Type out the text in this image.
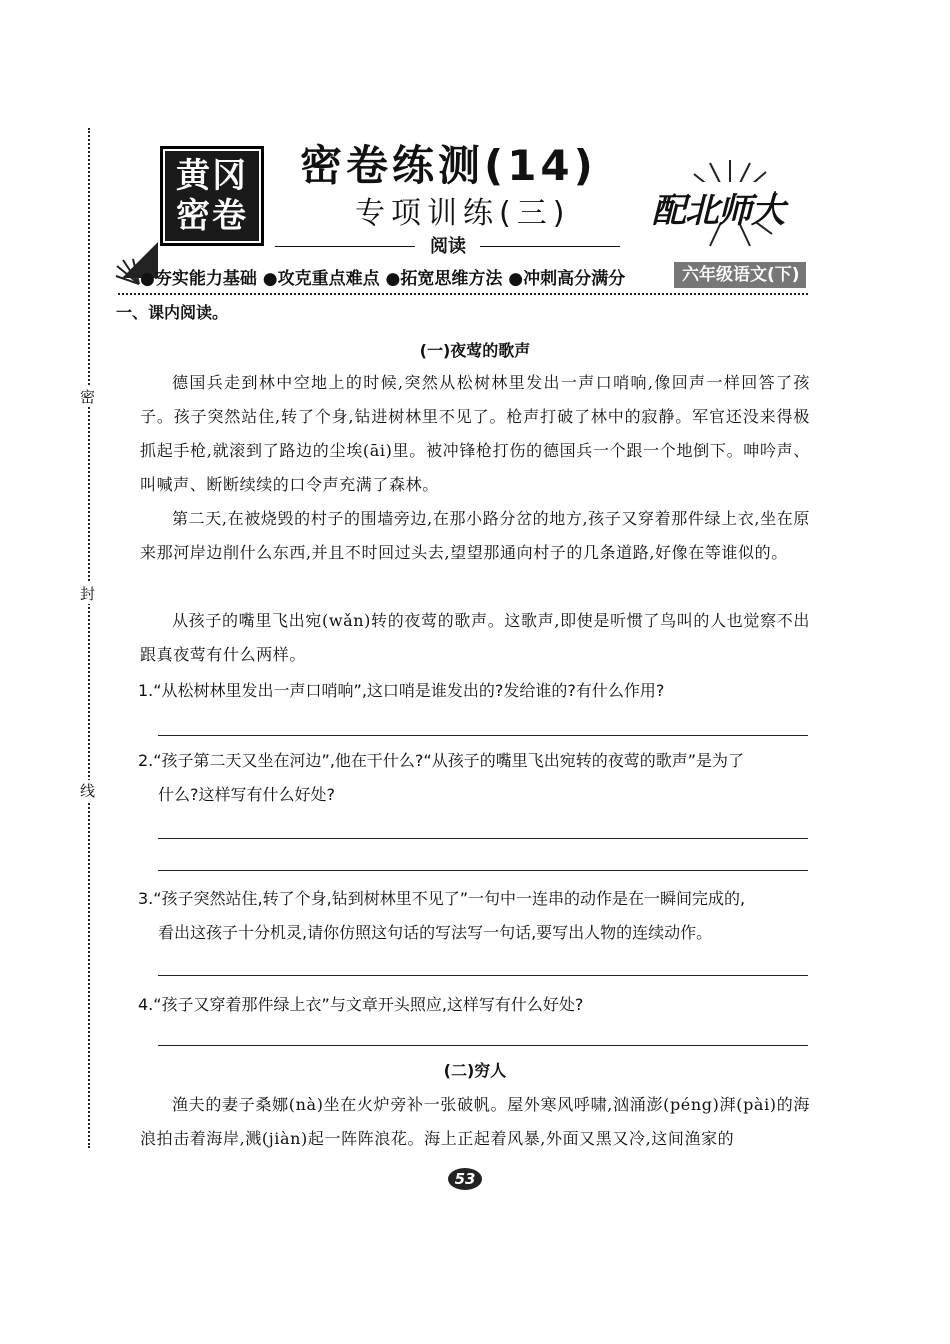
密
封
线
黄冈
密卷
密卷练测(14)
专项训练(三)
阅读
配北师大
●夯实能力基础 ●攻克重点难点 ●拓宽思维方法 ●冲刺高分满分	六年级语文(下)
一、课内阅读。
(一)夜莺的歌声
德国兵走到林中空地上的时候,突然从松树林里发出一声口哨响,像回声一样回答了孩子。孩子突然站住,转了个身,钻进树林里不见了。枪声打破了林中的寂静。军官还没来得极抓起手枪,就滚到了路边的尘埃(āi)里。被冲锋枪打伤的德国兵一个跟一个地倒下。呻吟声、叫喊声、断断续续的口令声充满了森林。
第二天,在被烧毁的村子的围墙旁边,在那小路分岔的地方,孩子又穿着那件绿上衣,坐在原来那河岸边削什么东西,并且不时回过头去,望望那通向村子的几条道路,好像在等谁似的。
从孩子的嘴里飞出宛(wǎn)转的夜莺的歌声。这歌声,即使是听惯了鸟叫的人也觉察不出跟真夜莺有什么两样。
1.“从松树林里发出一声口哨响”,这口哨是谁发出的?发给谁的?有什么作用?
2.“孩子第二天又坐在河边”,他在干什么?“从孩子的嘴里飞出宛转的夜莺的歌声”是为了
什么?这样写有什么好处?
3.“孩子突然站住,转了个身,钻到树林里不见了”一句中一连串的动作是在一瞬间完成的,
看出这孩子十分机灵,请你仿照这句话的写法写一句话,要写出人物的连续动作。
4.“孩子又穿着那件绿上衣”与文章开头照应,这样写有什么好处?
(二)穷人
渔夫的妻子桑娜(nà)坐在火炉旁补一张破帆。屋外寒风呼啸,汹涌澎(péng)湃(pài)的海浪拍击着海岸,溅(jiàn)起一阵阵浪花。海上正起着风暴,外面又黑又冷,这间渔家的
53
